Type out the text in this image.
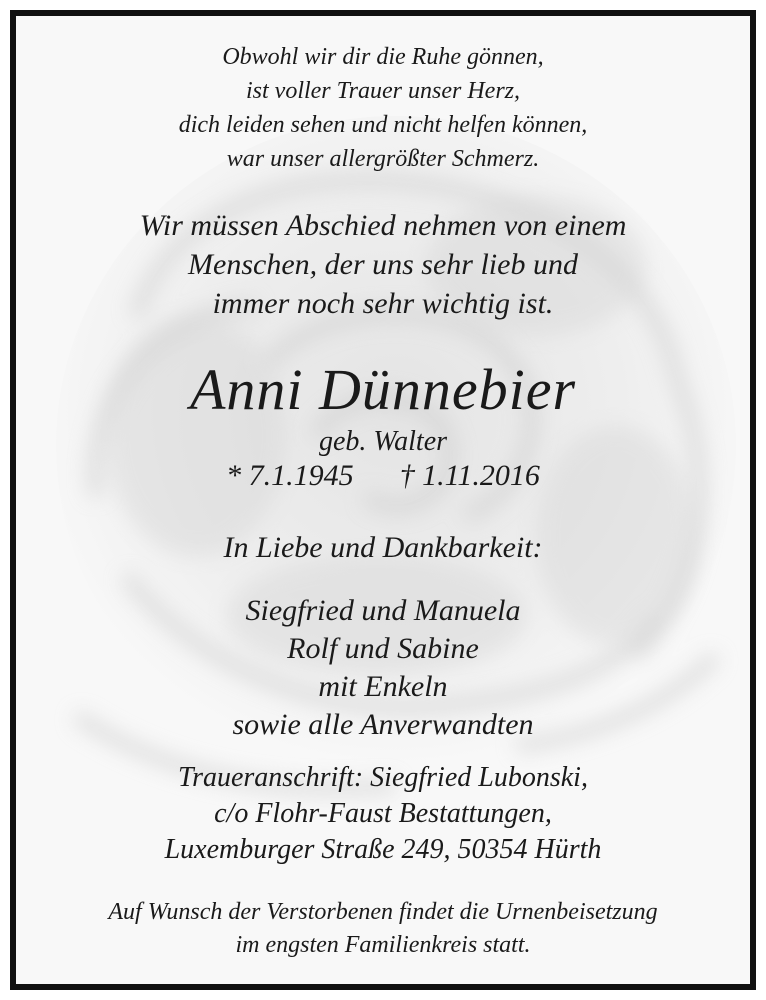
Obwohl wir dir die Ruhe gönnen,
ist voller Trauer unser Herz,
dich leiden sehen und nicht helfen können,
war unser allergrößter Schmerz.
Wir müssen Abschied nehmen von einem
Menschen, der uns sehr lieb und
immer noch sehr wichtig ist.
Anni Dünnebier
geb. Walter
* 7.1.1945 † 1.11.2016
In Liebe und Dankbarkeit:
Siegfried und Manuela
Rolf und Sabine
mit Enkeln
sowie alle Anverwandten
Traueranschrift: Siegfried Lubonski,
c/o Flohr-Faust Bestattungen,
Luxemburger Straße 249, 50354 Hürth
Auf Wunsch der Verstorbenen findet die Urnenbeisetzung
im engsten Familienkreis statt.
